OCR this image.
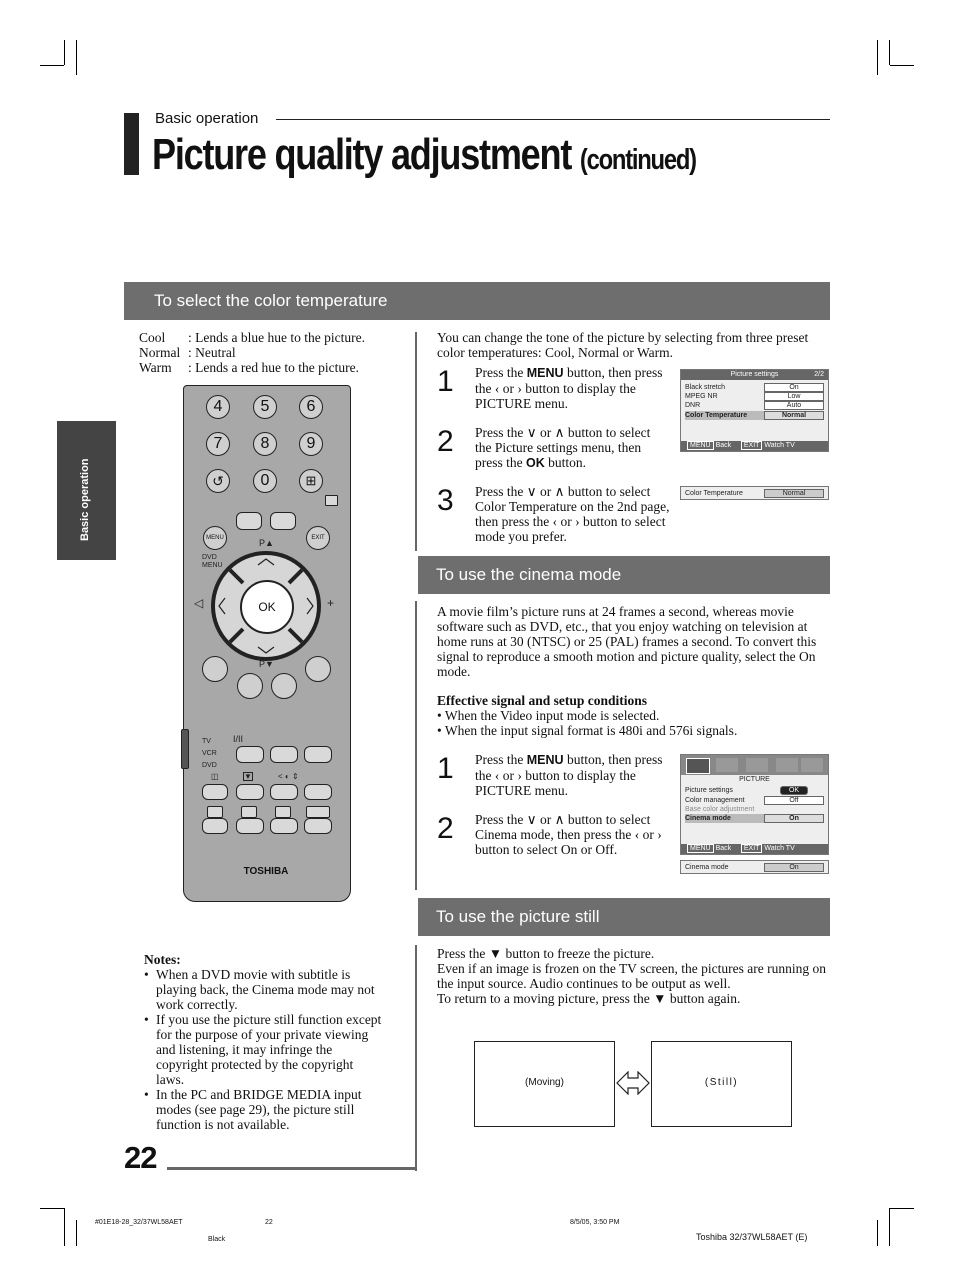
Basic operation
Picture quality adjustment (continued)
Basic operation
To select the color temperature
Cool : Lends a blue hue to the picture.
Normal : Neutral
Warm : Lends a red hue to the picture.
You can change the tone of the picture by selecting from three preset color temperatures: Cool, Normal or Warm.
1 Press the MENU button, then press the ‹ or › button to display the PICTURE menu.
2 Press the ∨ or ∧ button to select the Picture settings menu, then press the OK button.
3 Press the ∨ or ∧ button to select Color Temperature on the 2nd page, then press the ‹ or › button to select mode you prefer.
Picture settings	2/2
Black stretch	On
MPEG NR	Low
DNR	Auto
Color Temperature	Normal
MENU Back EXIT Watch TV
Color Temperature	Normal
To use the cinema mode
A movie film’s picture runs at 24 frames a second, whereas movie software such as DVD, etc., that you enjoy watching on television at home runs at 30 (NTSC) or 25 (PAL) frames a second. To convert this signal to reproduce a smooth motion and picture quality, select the On mode.
Effective signal and setup conditions
• When the Video input mode is selected.
• When the input signal format is 480i and 576i signals.
1 Press the MENU button, then press the ‹ or › button to display the PICTURE menu.
2 Press the ∨ or ∧ button to select Cinema mode, then press the ‹ or › button to select On or Off.
PICTURE
Picture settings	OK
Color management	Off
Base color adjustment
Cinema mode	On
MENU Back EXIT Watch TV
Cinema mode	On
To use the picture still
Press the ▼ button to freeze the picture.
Even if an image is frozen on the TV screen, the pictures are running on the input source. Audio continues to be output as well.
To return to a moving picture, press the ▼ button again.
(Moving)	(Still)
4	5	6
7	8	9
↺	0	⊞
MENU	EXIT
P▲
DVD
MENU
OK
◁	+
P▼
TV
VCR
DVD
I/II
◫	▼	< ◐ ⇕
TOSHIBA
Notes:
• When a DVD movie with subtitle is playing back, the Cinema mode may not work correctly.
• If you use the picture still function except for the purpose of your private viewing and listening, it may infringe the copyright protected by the copyright laws.
• In the PC and BRIDGE MEDIA input modes (see page 29), the picture still function is not available.
22
#01E18-28_32/37WL58AET	22	8/5/05, 3:50 PM
Black	Toshiba 32/37WL58AET (E)
